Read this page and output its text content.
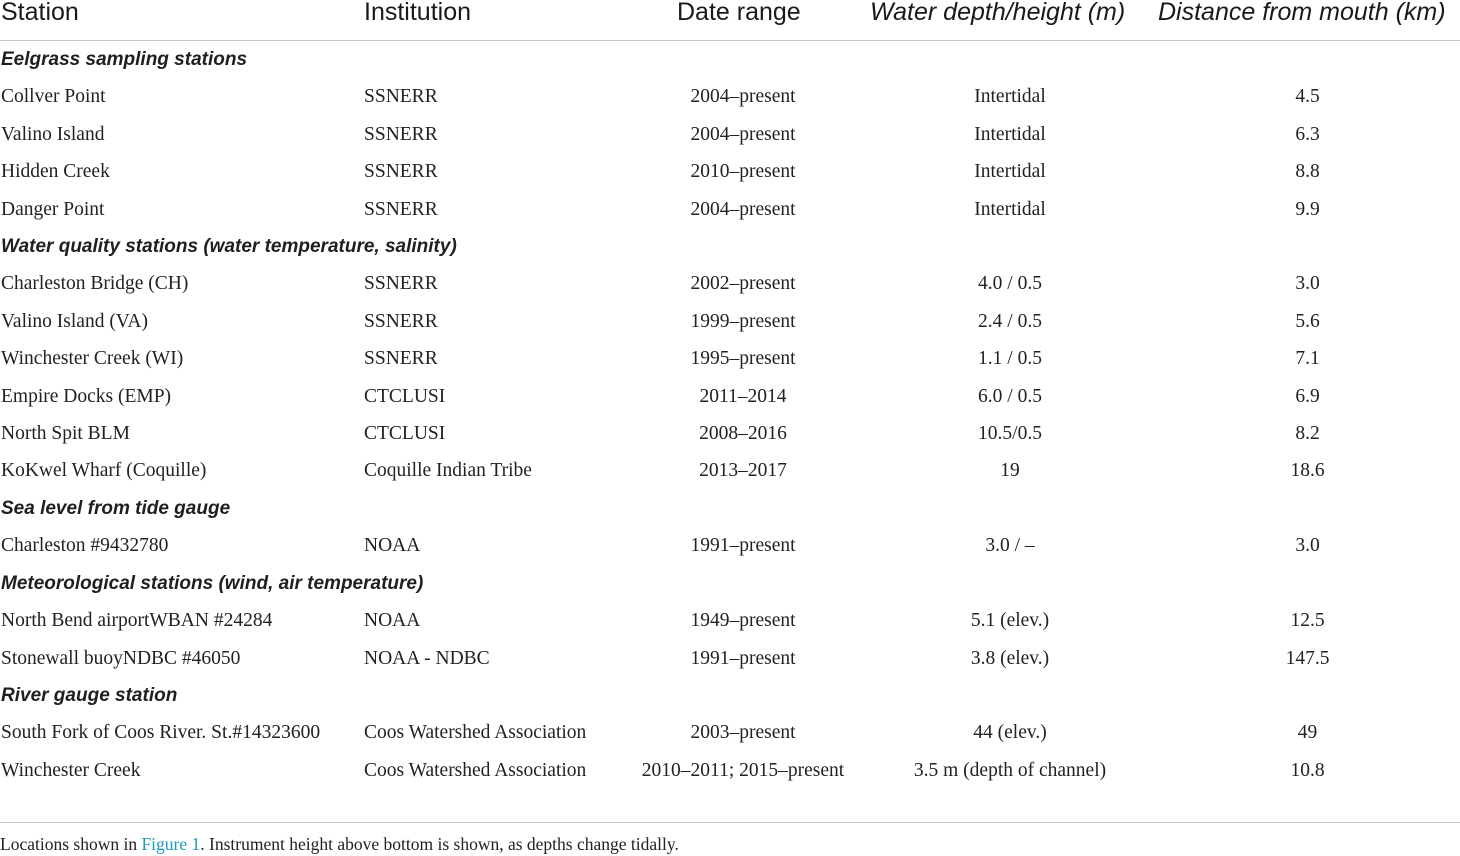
Station	Institution	Date range	Water depth/height (m)	Distance from mouth (km)
Eelgrass sampling stations				
Collver Point	SSNERR	2004–present	Intertidal	4.5
Valino Island	SSNERR	2004–present	Intertidal	6.3
Hidden Creek	SSNERR	2010–present	Intertidal	8.8
Danger Point	SSNERR	2004–present	Intertidal	9.9
Water quality stations (water temperature, salinity)				
Charleston Bridge (CH)	SSNERR	2002–present	4.0 / 0.5	3.0
Valino Island (VA)	SSNERR	1999–present	2.4 / 0.5	5.6
Winchester Creek (WI)	SSNERR	1995–present	1.1 / 0.5	7.1
Empire Docks (EMP)	CTCLUSI	2011–2014	6.0 / 0.5	6.9
North Spit BLM	CTCLUSI	2008–2016	10.5/0.5	8.2
KoKwel Wharf (Coquille)	Coquille Indian Tribe	2013–2017	19	18.6
Sea level from tide gauge				
Charleston #9432780	NOAA	1991–present	3.0 / –	3.0
Meteorological stations (wind, air temperature)				
North Bend airportWBAN #24284	NOAA	1949–present	5.1 (elev.)	12.5
Stonewall buoyNDBC #46050	NOAA - NDBC	1991–present	3.8 (elev.)	147.5
River gauge station				
South Fork of Coos River. St.#14323600	Coos Watershed Association	2003–present	44 (elev.)	49
Winchester Creek	Coos Watershed Association	2010–2011; 2015–present	3.5 m (depth of channel)	10.8
Locations shown in Figure 1. Instrument height above bottom is shown, as depths change tidally.
